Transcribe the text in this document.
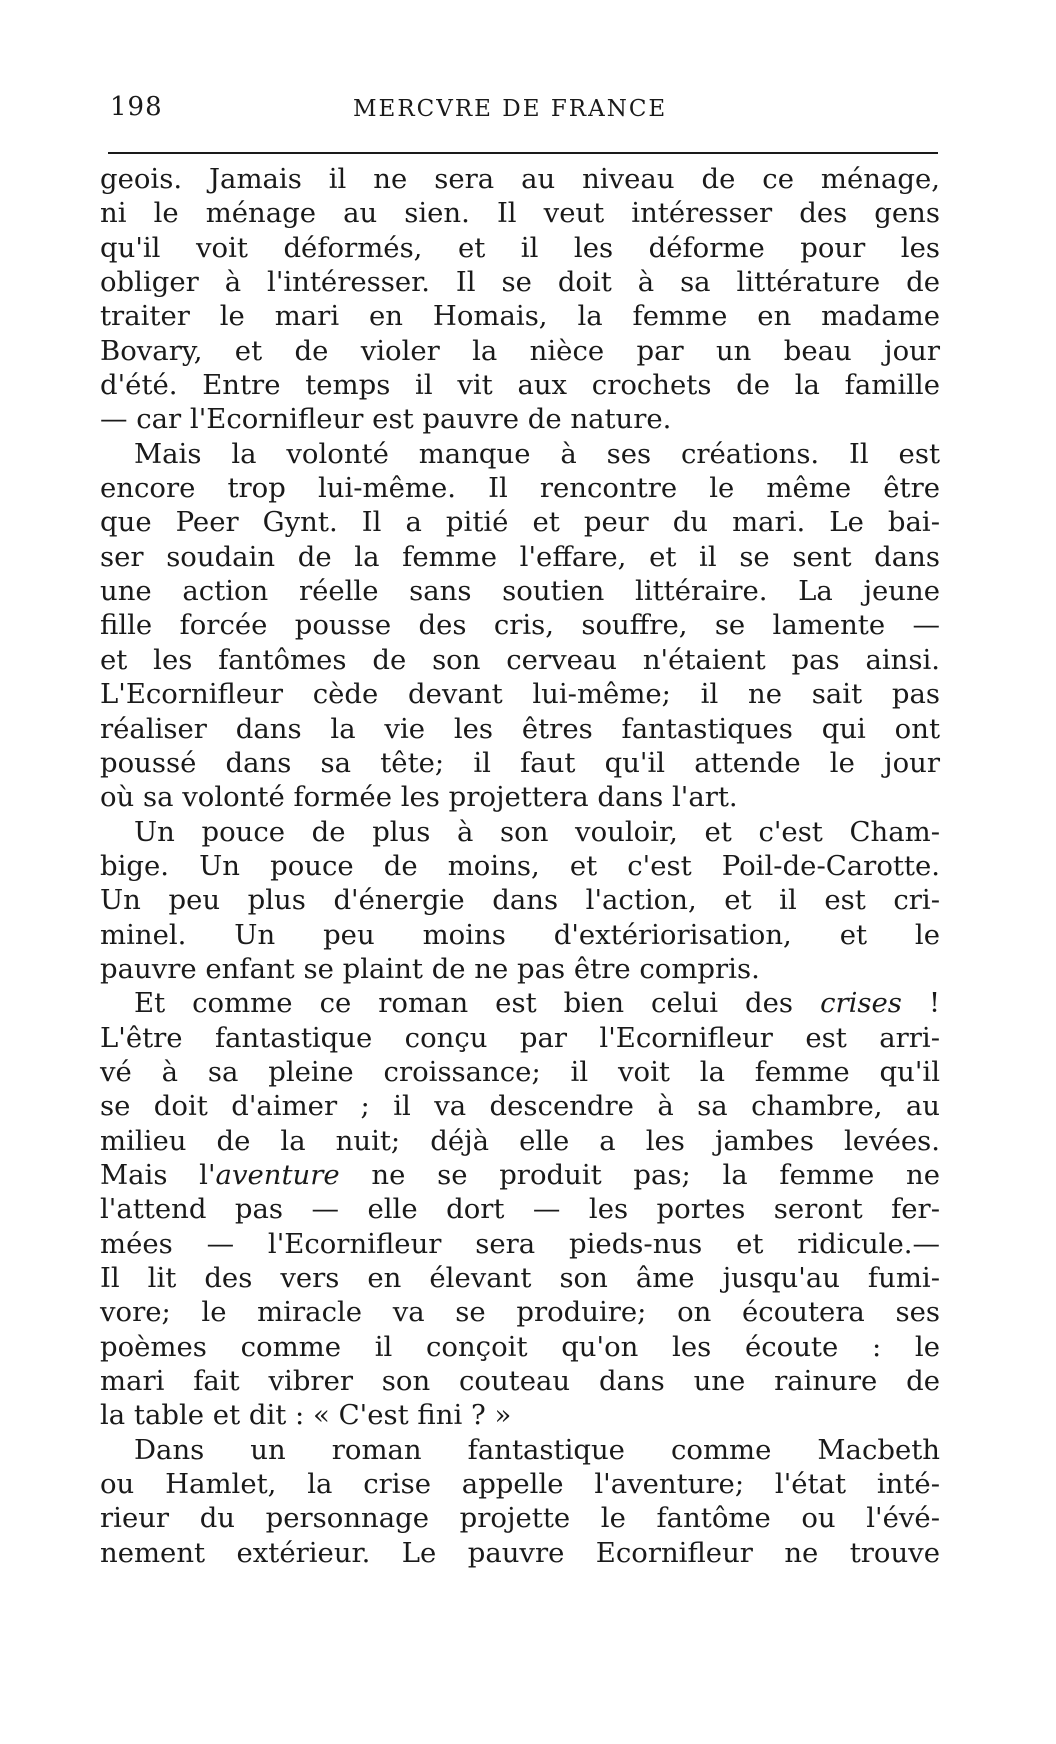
198	MERCVRE DE FRANCE
geois. Jamais il ne sera au niveau de ce ménage,
ni le ménage au sien. Il veut intéresser des gens
qu'il voit déformés, et il les déforme pour les
obliger à l'intéresser. Il se doit à sa littérature de
traiter le mari en Homais, la femme en madame
Bovary, et de violer la nièce par un beau jour
d'été. Entre temps il vit aux crochets de la famille
— car l'Ecornifleur est pauvre de nature.
Mais la volonté manque à ses créations. Il est
encore trop lui-même. Il rencontre le même être
que Peer Gynt. Il a pitié et peur du mari. Le bai-
ser soudain de la femme l'effare, et il se sent dans
une action réelle sans soutien littéraire. La jeune
fille forcée pousse des cris, souffre, se lamente —
et les fantômes de son cerveau n'étaient pas ainsi.
L'Ecornifleur cède devant lui-même; il ne sait pas
réaliser dans la vie les êtres fantastiques qui ont
poussé dans sa tête; il faut qu'il attende le jour
où sa volonté formée les projettera dans l'art.
Un pouce de plus à son vouloir, et c'est Cham-
bige. Un pouce de moins, et c'est Poil-de-Carotte.
Un peu plus d'énergie dans l'action, et il est cri-
minel. Un peu moins d'extériorisation, et le
pauvre enfant se plaint de ne pas être compris.
Et comme ce roman est bien celui des crises !
L'être fantastique conçu par l'Ecornifleur est arri-
vé à sa pleine croissance; il voit la femme qu'il
se doit d'aimer ; il va descendre à sa chambre, au
milieu de la nuit; déjà elle a les jambes levées.
Mais l'aventure ne se produit pas; la femme ne
l'attend pas — elle dort — les portes seront fer-
mées — l'Ecornifleur sera pieds-nus et ridicule.—
Il lit des vers en élevant son âme jusqu'au fumi-
vore; le miracle va se produire; on écoutera ses
poèmes comme il conçoit qu'on les écoute : le
mari fait vibrer son couteau dans une rainure de
la table et dit : « C'est fini ? »
Dans un roman fantastique comme Macbeth
ou Hamlet, la crise appelle l'aventure; l'état inté-
rieur du personnage projette le fantôme ou l'évé-
nement extérieur. Le pauvre Ecornifleur ne trouve
